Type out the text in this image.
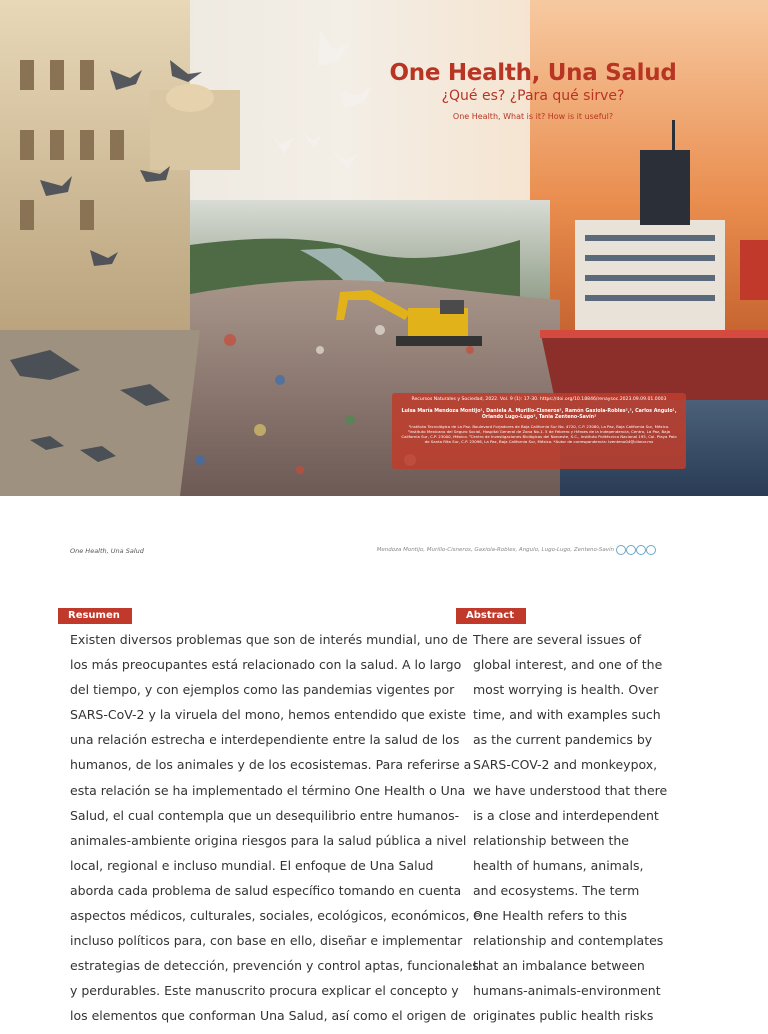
One Health, Una Salud
¿Qué es? ¿Para qué sirve?
One Health, What is it? How is it useful?
Recursos Naturales y Sociedad, 2022. Vol. 9 (1): 17-30. https://doi.org/10.18846/renaysoc.2023.09.09.01.0003
Luisa María Mendoza Montijo¹, Daniela A. Murillo-Cisneros², Ramón Gaxiola-Robles²,³, Carlos Angulo¹, Orlando Lugo-Lugo³, Tania Zenteno-Savín²
¹Instituto Tecnológico de La Paz. Boulevard Forjadores de Baja California Sur No. 4720, C.P. 23080, La Paz, Baja California Sur, México. ²Instituto Mexicano del Seguro Social, Hospital General de Zona No.1. 5 de Febrero y Héroes de la Independencia, Centro, La Paz, Baja California Sur, C.P. 23000, México. ³Centro de Investigaciones Biológicas del Noroeste, S.C., Instituto Politécnico Nacional 195, Col. Playa Palo de Santa Rita Sur, C.P. 23096, La Paz, Baja California Sur, México. *Autor de correspondencia: tzenteno04@cibnor.mx
One Health, Una Salud	Mendoza Montijo, Murillo-Cisneros, Gaxiola-Robles, Angulo, Lugo-Lugo, Zenteno-Savín
Resumen	Abstract
Existen diversos problemas que son de interés mundial, uno de
los más preocupantes está relacionado con la salud. A lo largo
del tiempo, y con ejemplos como las pandemias vigentes por
SARS-CoV-2 y la viruela del mono, hemos entendido que existe
una relación estrecha e interdependiente entre la salud de los
humanos, de los animales y de los ecosistemas. Para referirse a
esta relación se ha implementado el término One Health o Una
Salud, el cual contempla que un desequilibrio entre humanos-
animales-ambiente origina riesgos para la salud pública a nivel
local, regional e incluso mundial. El enfoque de Una Salud
aborda cada problema de salud específico tomando en cuenta
aspectos médicos, culturales, sociales, ecológicos, económicos, e
incluso políticos para, con base en ello, diseñar e implementar
estrategias de detección, prevención y control aptas, funcionales
y perdurables. Este manuscrito procura explicar el concepto y
los elementos que conforman Una Salud, así como el origen de
There are several issues of
global interest, and one of the
most worrying is health. Over
time, and with examples such
as the current pandemics by
SARS-COV-2 and monkeypox,
we have understood that there
is a close and interdependent
relationship between the
health of humans, animals,
and ecosystems. The term
One Health refers to this
relationship and contemplates
that an imbalance between
humans-animals-environment
originates public health risks
